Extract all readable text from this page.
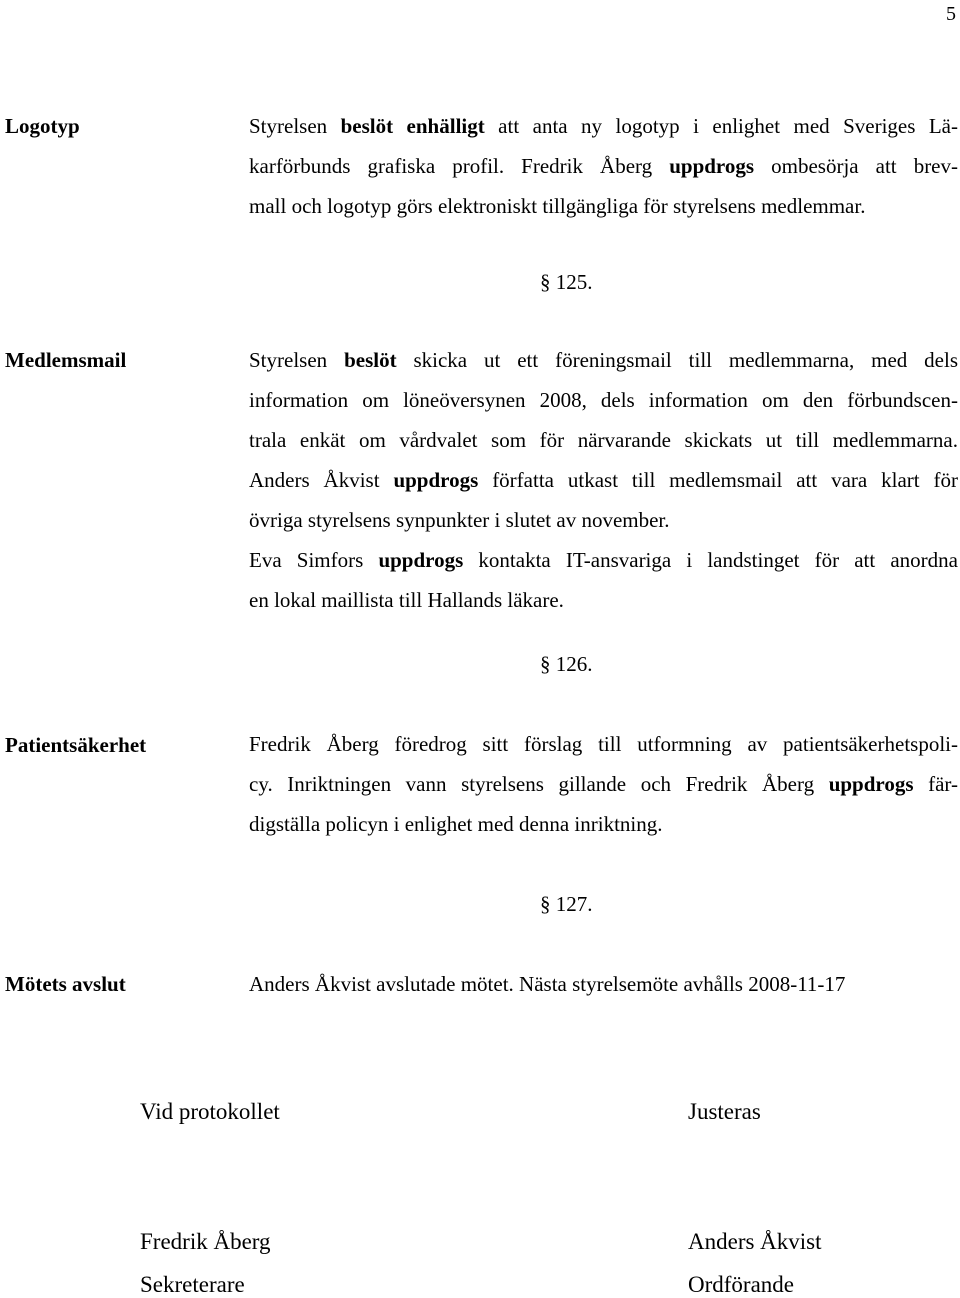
5
Logotyp	Styrelsen beslöt enhälligt att anta ny logotyp i enlighet med Sveriges Lä-
karförbunds grafiska profil. Fredrik Åberg uppdrogs ombesörja att brev-
mall och logotyp görs elektroniskt tillgängliga för styrelsens medlemmar.
§ 125.
Medlemsmail	Styrelsen beslöt skicka ut ett föreningsmail till medlemmarna, med dels
information om löneöversynen 2008, dels information om den förbundscen-
trala enkät om vårdvalet som för närvarande skickats ut till medlemmarna.
Anders Åkvist uppdrogs författa utkast till medlemsmail att vara klart för
övriga styrelsens synpunkter i slutet av november.
Eva Simfors uppdrogs kontakta IT-ansvariga i landstinget för att anordna
en lokal maillista till Hallands läkare.
§ 126.
Patientsäkerhet	Fredrik Åberg föredrog sitt förslag till utformning av patientsäkerhetspoli-
cy. Inriktningen vann styrelsens gillande och Fredrik Åberg uppdrogs fär-
digställa policyn i enlighet med denna inriktning.
§ 127.
Mötets avslut	Anders Åkvist avslutade mötet. Nästa styrelsemöte avhålls 2008-11-17
Vid protokollet	Justeras
Fredrik Åberg	Anders Åkvist
Sekreterare	Ordförande
